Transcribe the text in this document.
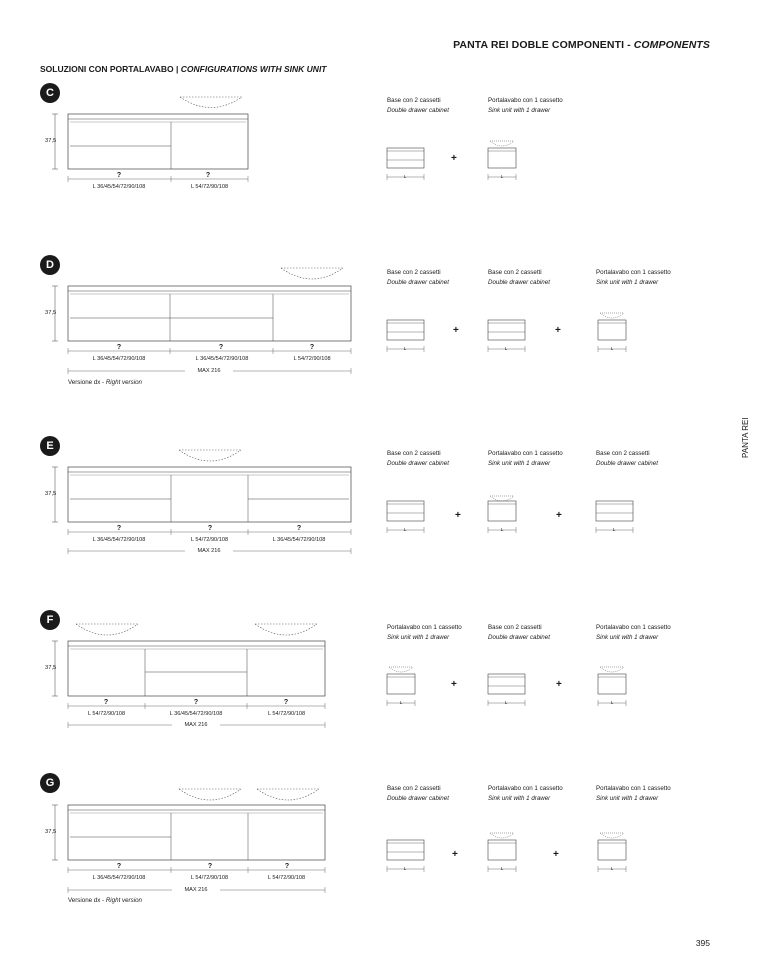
PANTA REI DOBLE COMPONENTI - COMPONENTS
SOLUZIONI CON PORTALAVABO | CONFIGURATIONS WITH SINK UNIT
PANTA REI
395
C
37,5
?	?
L 36/45/54/72/90/108	L 54/72/90/108
Base con 2 cassetti
Double drawer cabinet
Portalavabo con 1 cassetto
Sink unit with 1 drawer
+
L	L
D
37,5
?	?	?
L 36/45/54/72/90/108	L 36/45/54/72/90/108	L 54/72/90/108
MAX 216
Versione dx - Right version
Base con 2 cassetti
Double drawer cabinet
Base con 2 cassetti
Double drawer cabinet
Portalavabo con 1 cassetto
Sink unit with 1 drawer
+	+
L	L	L
E
37,5
?	?	?
L 36/45/54/72/90/108	L 54/72/90/108	L 36/45/54/72/90/108
MAX 216
Base con 2 cassetti
Double drawer cabinet
Portalavabo con 1 cassetto
Sink unit with 1 drawer
Base con 2 cassetti
Double drawer cabinet
+	+
L	L	L
F
37,5
?	?	?
L 54/72/90/108	L 36/45/54/72/90/108	L 54/72/90/108
MAX 216
Portalavabo con 1 cassetto
Sink unit with 1 drawer
Base con 2 cassetti
Double drawer cabinet
Portalavabo con 1 cassetto
Sink unit with 1 drawer
+	+
L	L	L
G
37,5
?	?	?
L 36/45/54/72/90/108	L 54/72/90/108	L 54/72/90/108
MAX 216
Versione dx - Right version
Base con 2 cassetti
Double drawer cabinet
Portalavabo con 1 cassetto
Sink unit with 1 drawer
Portalavabo con 1 cassetto
Sink unit with 1 drawer
+	+
L	L	L
